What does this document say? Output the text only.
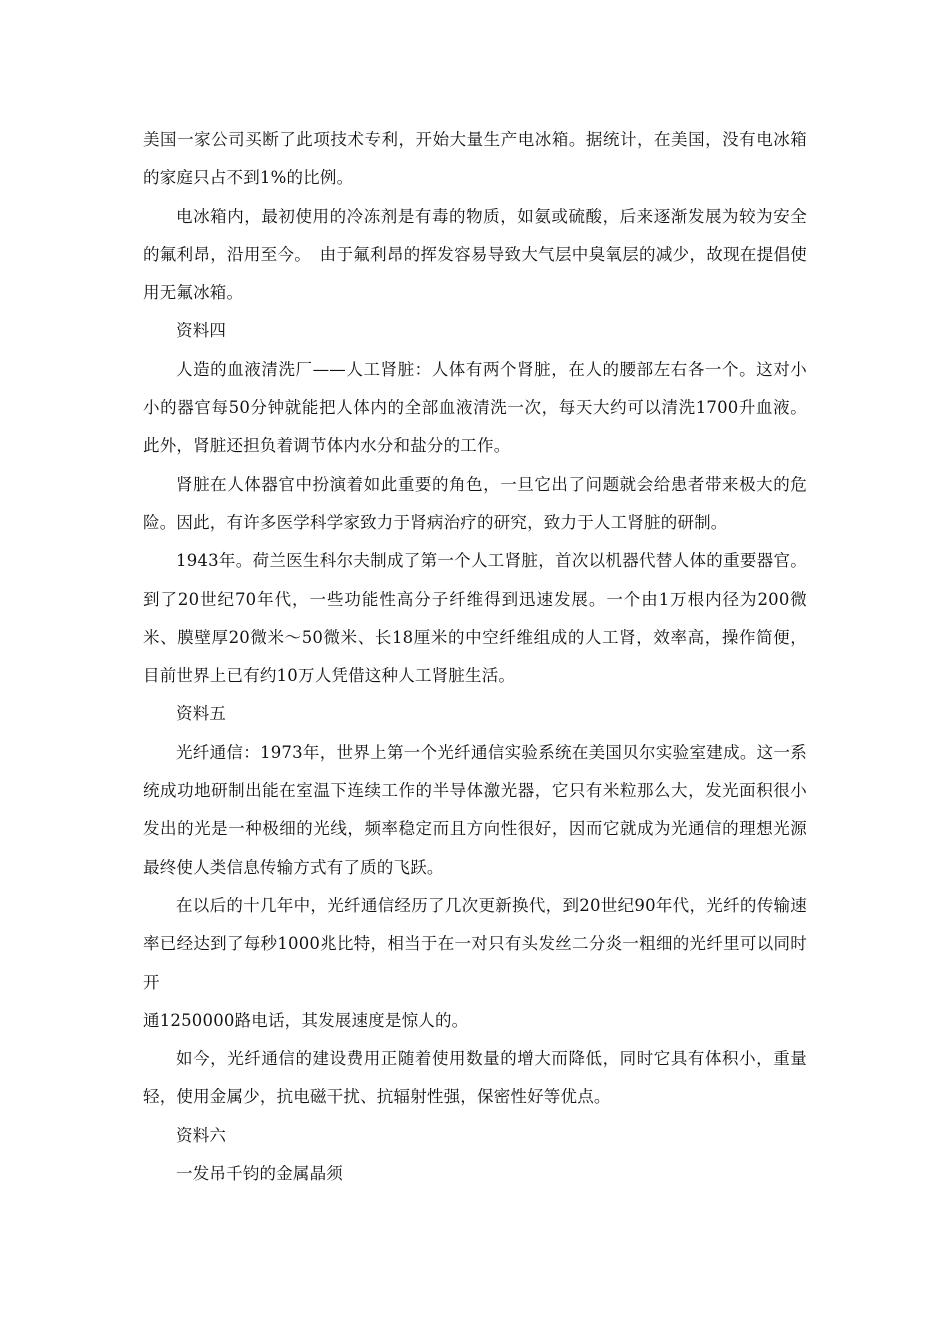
美国一家公司买断了此项技术专利，开始大量生产电冰箱。据统计，在美国，没有电冰箱的家庭只占不到1%的比例。

电冰箱内，最初使用的冷冻剂是有毒的物质，如氨或硫酸，后来逐渐发展为较为安全的氟利昂，沿用至今。　由于氟利昂的挥发容易导致大气层中臭氧层的减少，故现在提倡使用无氟冰箱。

资料四

人造的血液清洗厂——人工肾脏：人体有两个肾脏，在人的腰部左右各一个。这对小小的器官每50分钟就能把人体内的全部血液清洗一次，每天大约可以清洗1700升血液。此外，肾脏还担负着调节体内水分和盐分的工作。

肾脏在人体器官中扮演着如此重要的角色，一旦它出了问题就会给患者带来极大的危险。因此，有许多医学科学家致力于肾病治疗的研究，致力于人工肾脏的研制。

1943年。荷兰医生科尔夫制成了第一个人工肾脏，首次以机器代替人体的重要器官。到了20世纪70年代，一些功能性高分子纤维得到迅速发展。一个由1万根内径为200微米、膜壁厚20微米～50微米、长18厘米的中空纤维组成的人工肾，效率高，操作简便，目前世界上已有约10万人凭借这种人工肾脏生活。

资料五

光纤通信：1973年，世界上第一个光纤通信实验系统在美国贝尔实验室建成。这一系统成功地研制出能在室温下连续工作的半导体激光器，它只有米粒那么大，发光面积很小发出的光是一种极细的光线，频率稳定而且方向性很好，因而它就成为光通信的理想光源最终使人类信息传输方式有了质的飞跃。

在以后的十几年中，光纤通信经历了几次更新换代，到20世纪90年代，光纤的传输速率已经达到了每秒1000兆比特，相当于在一对只有头发丝二分炎一粗细的光纤里可以同时开

通1250000路电话，其发展速度是惊人的。

如今，光纤通信的建设费用正随着使用数量的增大而降低，同时它具有体积小，重量轻，使用金属少，抗电磁干扰、抗辐射性强，保密性好等优点。

资料六

一发吊千钧的金属晶须
